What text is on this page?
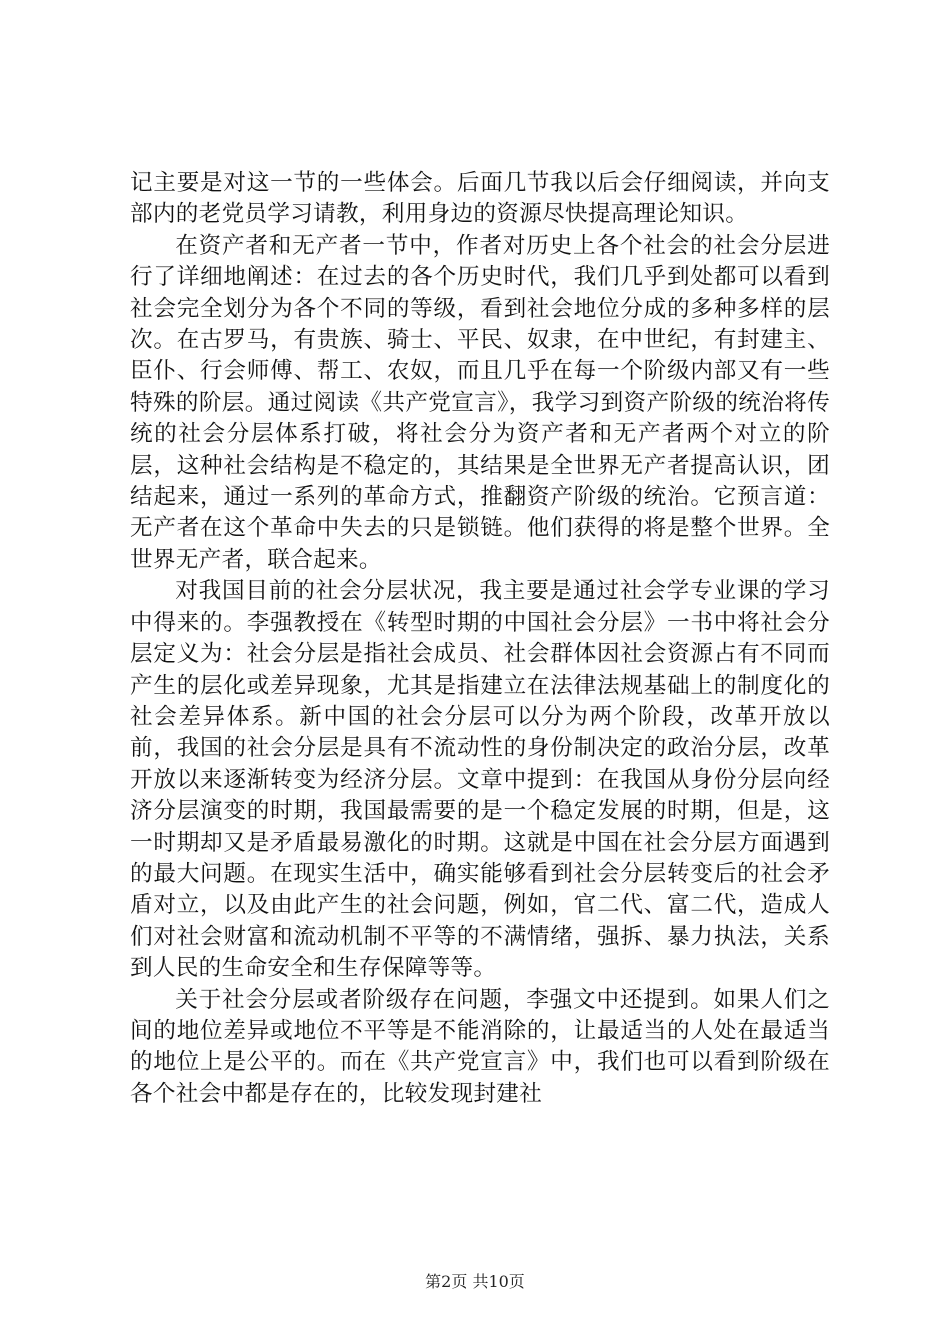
记主要是对这一节的一些体会。后面几节我以后会仔细阅读，并向支部内的老党员学习请教，利用身边的资源尽快提高理论知识。

在资产者和无产者一节中，作者对历史上各个社会的社会分层进行了详细地阐述：在过去的各个历史时代，我们几乎到处都可以看到社会完全划分为各个不同的等级，看到社会地位分成的多种多样的层次。在古罗马，有贵族、骑士、平民、奴隶，在中世纪，有封建主、臣仆、行会师傅、帮工、农奴，而且几乎在每一个阶级内部又有一些特殊的阶层。通过阅读《共产党宣言》，我学习到资产阶级的统治将传统的社会分层体系打破，将社会分为资产者和无产者两个对立的阶层，这种社会结构是不稳定的，其结果是全世界无产者提高认识，团结起来，通过一系列的革命方式，推翻资产阶级的统治。它预言道：无产者在这个革命中失去的只是锁链。他们获得的将是整个世界。全世界无产者，联合起来。

对我国目前的社会分层状况，我主要是通过社会学专业课的学习中得来的。李强教授在《转型时期的中国社会分层》一书中将社会分层定义为：社会分层是指社会成员、社会群体因社会资源占有不同而产生的层化或差异现象，尤其是指建立在法律法规基础上的制度化的社会差异体系。新中国的社会分层可以分为两个阶段，改革开放以前，我国的社会分层是具有不流动性的身份制决定的政治分层，改革开放以来逐渐转变为经济分层。文章中提到：在我国从身份分层向经济分层演变的时期，我国最需要的是一个稳定发展的时期，但是，这一时期却又是矛盾最易激化的时期。这就是中国在社会分层方面遇到的最大问题。在现实生活中，确实能够看到社会分层转变后的社会矛盾对立，以及由此产生的社会问题，例如，官二代、富二代，造成人们对社会财富和流动机制不平等的不满情绪，强拆、暴力执法，关系到人民的生命安全和生存保障等等。

关于社会分层或者阶级存在问题，李强文中还提到。如果人们之间的地位差异或地位不平等是不能消除的，让最适当的人处在最适当的地位上是公平的。而在《共产党宣言》中，我们也可以看到阶级在各个社会中都是存在的，比较发现封建社

第2页 共10页
